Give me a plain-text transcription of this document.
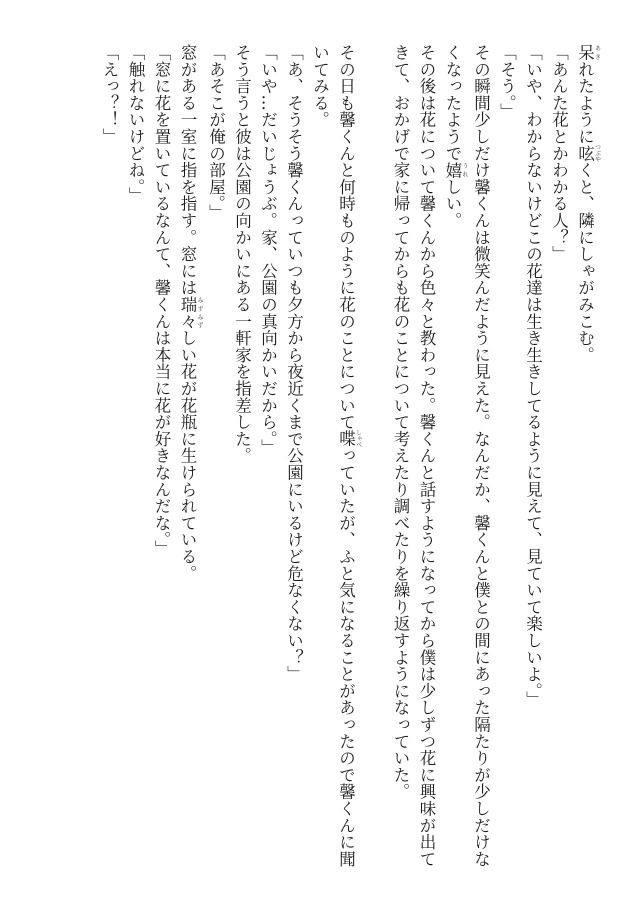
呆 あきれたように呟 つぶやくと、隣にしゃがみこむ。
「あんた花とかわかる人？」
「いや、わからないけどこの花達は生き生きしてるように見えて、見ていて楽しいよ。」
「そう。」
その瞬間少しだけ馨くんは微笑んだように見えた。なんだか、馨くんと僕との間にあった隔たりが少しだけな
くなったようで嬉 うれしい。
その後は花について馨くんから色々と教わった。馨くんと話すようになってから僕は少しずつ花に興味が出て
きて、おかげで家に帰ってからも花のことについて考えたり調べたりを繰り返すようになっていた。
その日も馨くんと何時ものように花のことについて喋 しゃべっていたが、ふと気になることがあったので馨くんに聞
いてみる。
「あ、そうそう馨くんっていつも夕方から夜近くまで公園にいるけど危なくない？」
「いや…だいじょうぶ。家、公園の真向かいだから。」
そう言うと彼は公園の向かいにある一軒家を指差した。
「あそこが俺の部屋。」
窓がある一室に指を指す。窓には瑞々 みずみずしい花が花瓶に生けられている。
「窓に花を置いているなんて、馨くんは本当に花が好きなんだな。」
「触れないけどね。」
「えっ？！」
